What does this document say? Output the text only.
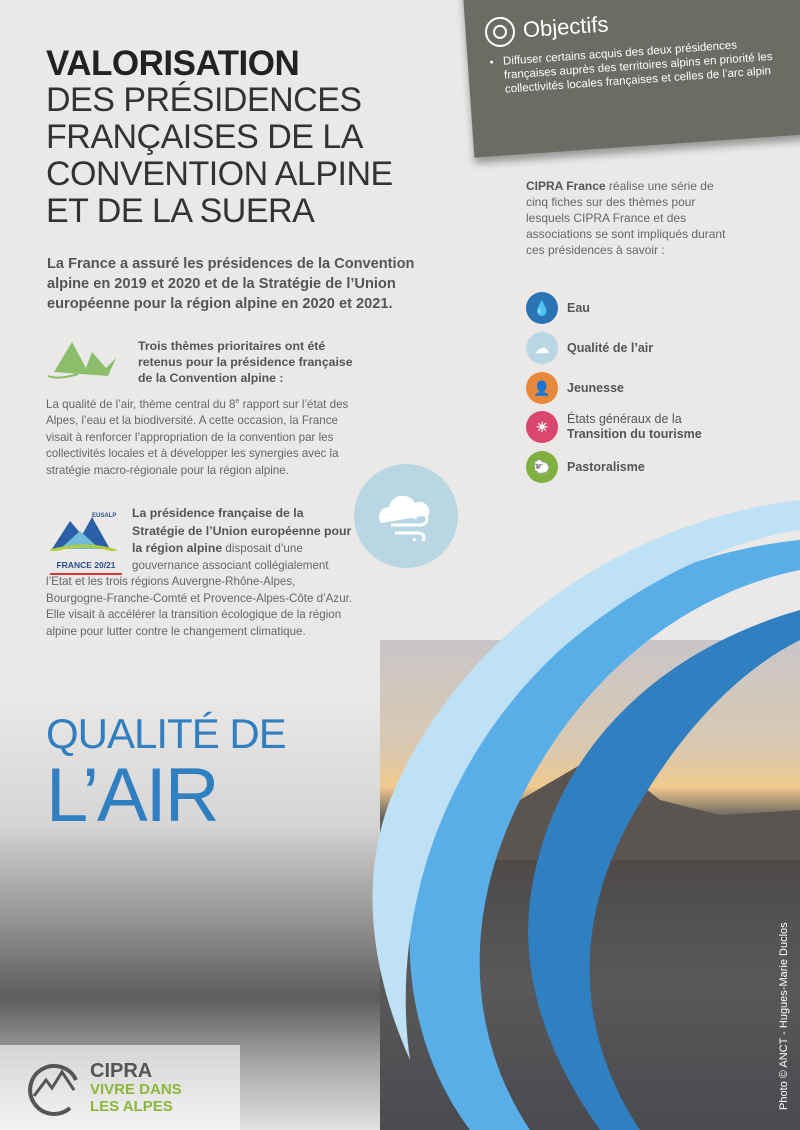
Objectifs
• Diffuser certains acquis des deux présidences françaises auprès des territoires alpins en priorité les collectivités locales françaises et celles de l’arc alpin
VALORISATION
DES PRÉSIDENCES
FRANÇAISES DE LA
CONVENTION ALPINE
ET DE LA SUERA
La France a assuré les présidences de la Convention alpine en 2019 et 2020 et de la Stratégie de l’Union européenne pour la région alpine en 2020 et 2021.
CIPRA France réalise une série de cinq fiches sur des thèmes pour lesquels CIPRA France et des associations se sont impliqués durant ces présidences à savoir :
💧	Eau
☁	Qualité de l’air
👤	Jeunesse
☀	États généraux de la
Transition du tourisme
🐑	Pastoralisme
Trois thèmes prioritaires ont été retenus pour la présidence française de la Convention alpine :

La qualité de l’air, thème central du 8e rapport sur l’état des Alpes, l’eau et la biodiversité. A cette occasion, la France visait à renforcer l’appropriation de la convention par les collectivités locales et à développer les synergies avec la stratégie macro-régionale pour la région alpine.

EUSALP
FRANCE 20/21
La présidence française de la Stratégie de l’Union européenne pour la région alpine disposait d’une gouvernance associant collégialement l’Etat et les trois régions Auvergne-Rhône-Alpes, Bourgogne-Franche-Comté et Provence-Alpes-Côte d’Azur. Elle visait à accélérer la transition écologique de la région alpine pour lutter contre le changement climatique.
QUALITÉ DE
L’AIR
CIPRA
VIVRE DANS
LES ALPES	Photo © ANCT - Hugues-Marie Duclos
